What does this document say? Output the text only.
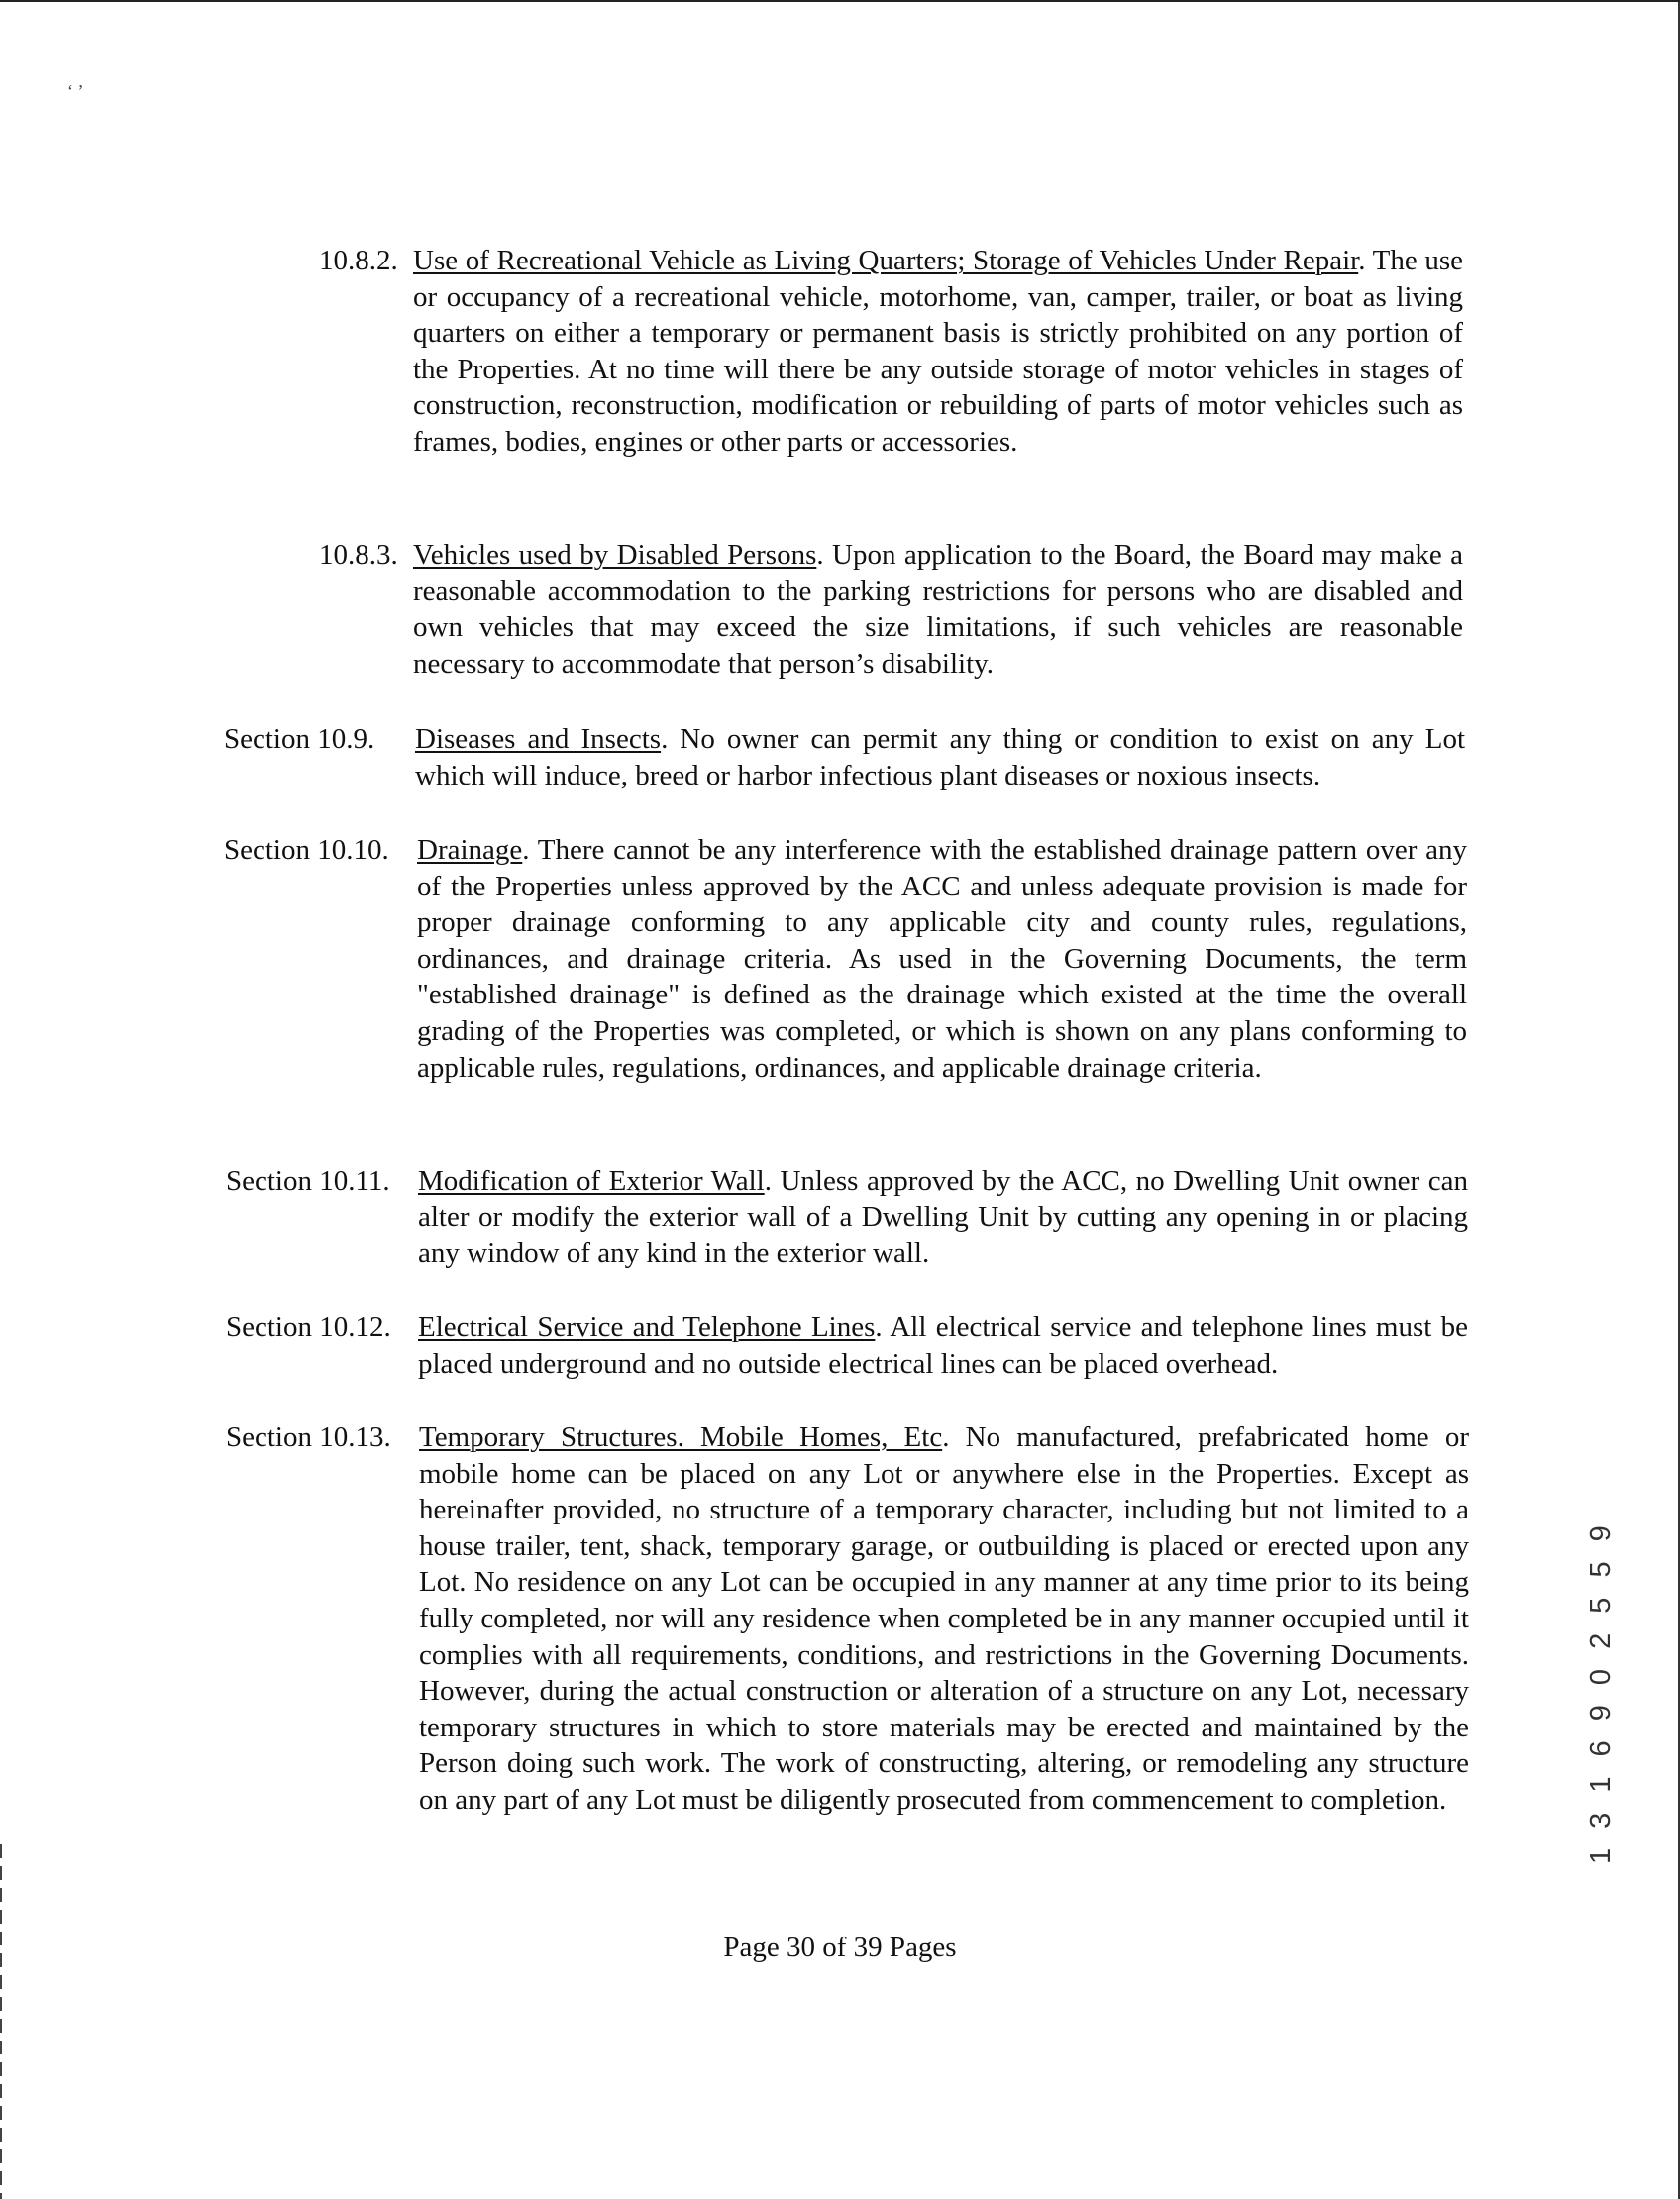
‘ ’
10.8.2. Use of Recreational Vehicle as Living Quarters; Storage of Vehicles Under Repair. The use or occupancy of a recreational vehicle, motorhome, van, camper, trailer, or boat as living quarters on either a temporary or permanent basis is strictly prohibited on any portion of the Properties. At no time will there be any outside storage of motor vehicles in stages of construction, reconstruction, modification or rebuilding of parts of motor vehicles such as frames, bodies, engines or other parts or accessories.
10.8.3. Vehicles used by Disabled Persons. Upon application to the Board, the Board may make a reasonable accommodation to the parking restrictions for persons who are disabled and own vehicles that may exceed the size limitations, if such vehicles are reasonable necessary to accommodate that person’s disability.
Section 10.9. Diseases and Insects. No owner can permit any thing or condition to exist on any Lot which will induce, breed or harbor infectious plant diseases or noxious insects.
Section 10.10. Drainage. There cannot be any interference with the established drainage pattern over any of the Properties unless approved by the ACC and unless adequate provision is made for proper drainage conforming to any applicable city and county rules, regulations, ordinances, and drainage criteria. As used in the Governing Documents, the term "established drainage" is defined as the drainage which existed at the time the overall grading of the Properties was completed, or which is shown on any plans conforming to applicable rules, regulations, ordinances, and applicable drainage criteria.
Section 10.11. Modification of Exterior Wall. Unless approved by the ACC, no Dwelling Unit owner can alter or modify the exterior wall of a Dwelling Unit by cutting any opening in or placing any window of any kind in the exterior wall.
Section 10.12. Electrical Service and Telephone Lines. All electrical service and telephone lines must be placed underground and no outside electrical lines can be placed overhead.
Section 10.13. Temporary Structures. Mobile Homes, Etc. No manufactured, prefabricated home or mobile home can be placed on any Lot or anywhere else in the Properties. Except as hereinafter provided, no structure of a temporary character, including but not limited to a house trailer, tent, shack, temporary garage, or outbuilding is placed or erected upon any Lot. No residence on any Lot can be occupied in any manner at any time prior to its being fully completed, nor will any residence when completed be in any manner occupied until it complies with all requirements, conditions, and restrictions in the Governing Documents. However, during the actual construction or alteration of a structure on any Lot, necessary temporary structures in which to store materials may be erected and maintained by the Person doing such work. The work of constructing, altering, or remodeling any structure on any part of any Lot must be diligently prosecuted from commencement to completion.
Page 30 of 39 Pages
1 3 1 6 9 0 2 5 5 9
